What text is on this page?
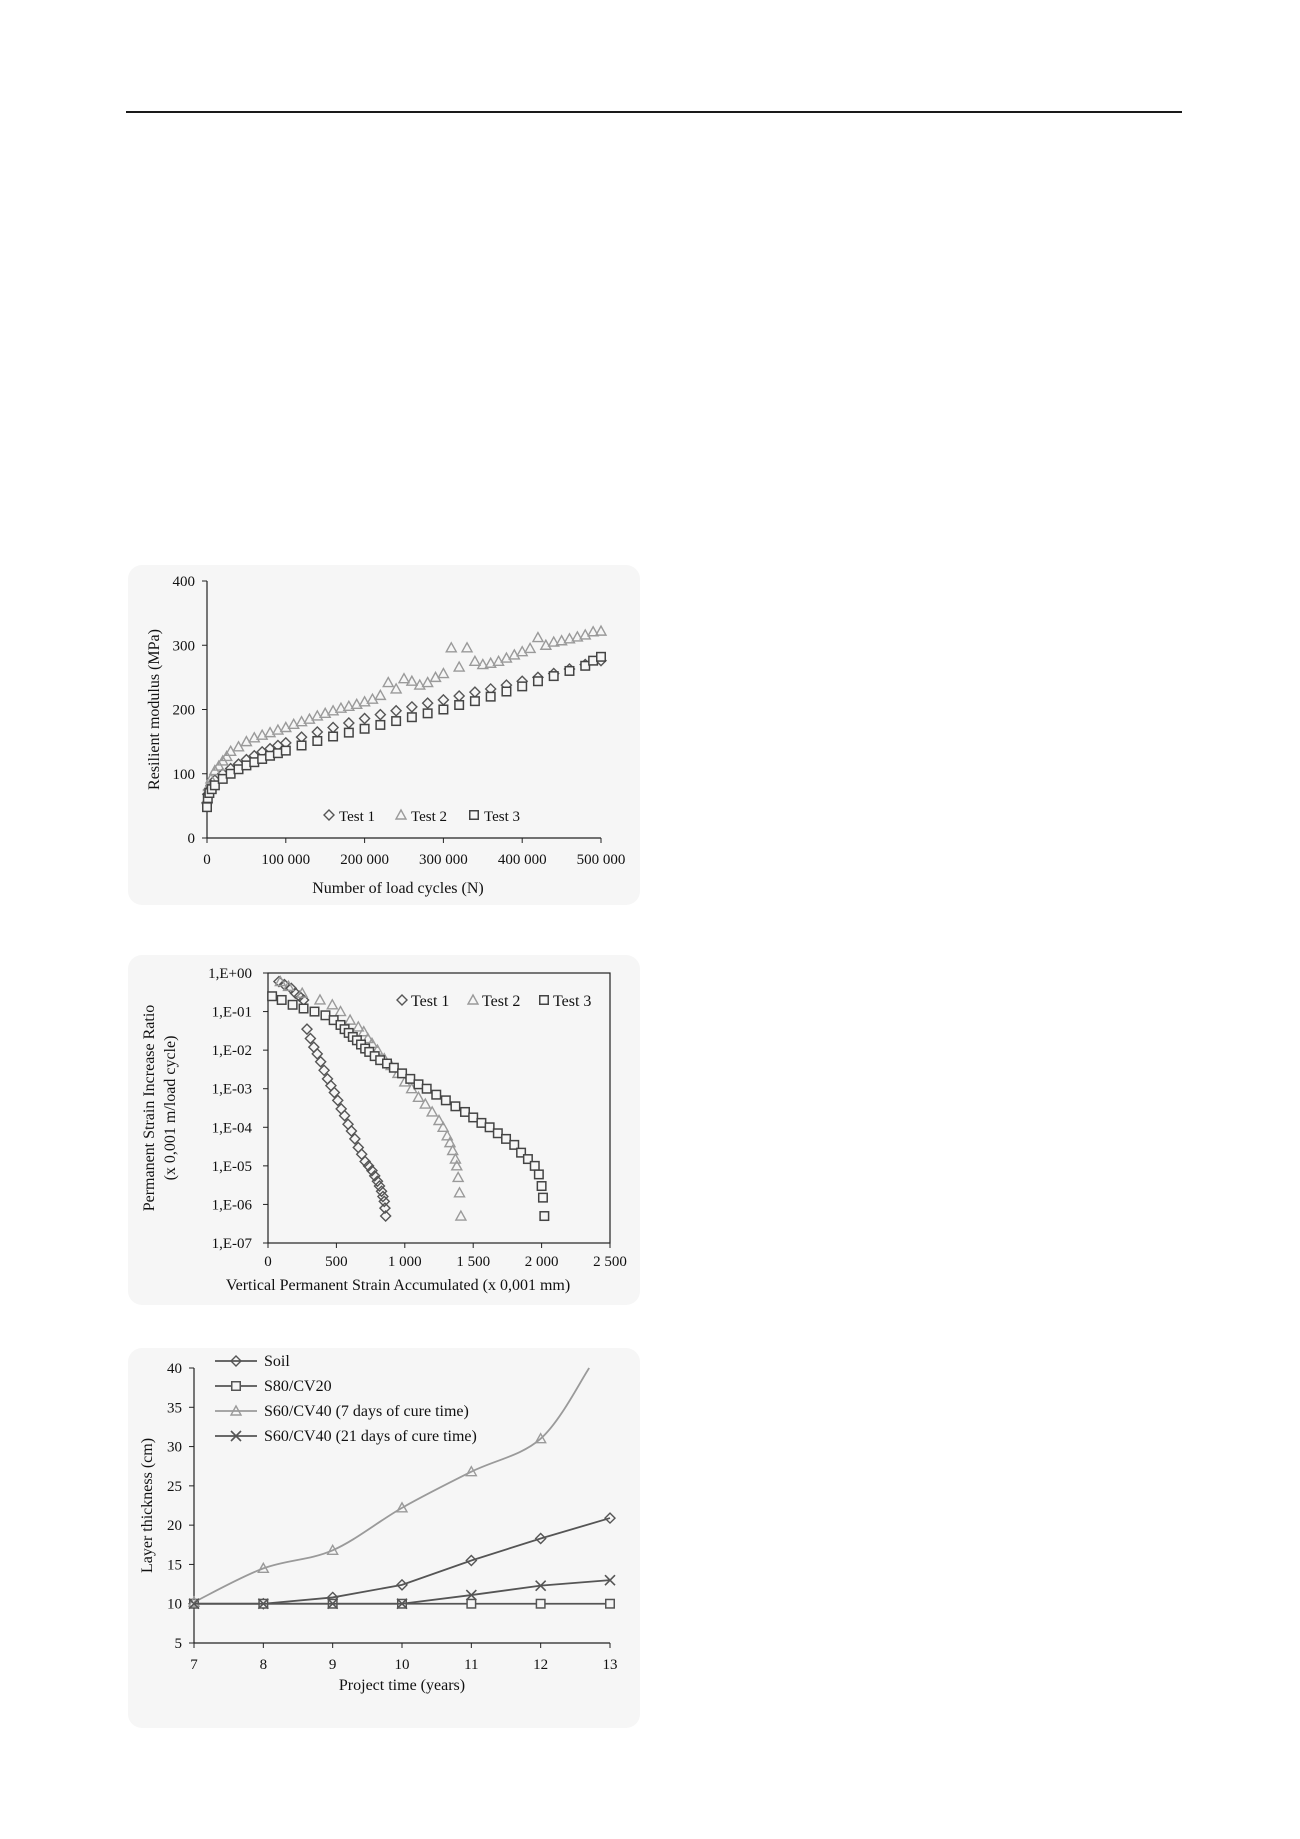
0
100
200
300
400
0	100 000 200 000 300 000 400 000 500 000
Number of load cycles (N)
Resilient modulus (MPa)
Test 1 Test 2 Test 3
1,E+00
1,E-01
1,E-02
1,E-03
1,E-04
1,E-05
1,E-06
1,E-07
0	500	1 000 1 500 2 000 2 500
Vertical Permanent Strain Accumulated (x 0,001 mm)
Permanent Strain Increase Ratio (x 0,001 m/load cycle)
Test 1 Test 2 Test 3
5
10
15
20
25
30
35
40
7	8	9	10	11	12	13
Project time (years)
Layer thickness (cm)
Soil
S80/CV20
S60/CV40 (7 days of cure time)
S60/CV40 (21 days of cure time)
